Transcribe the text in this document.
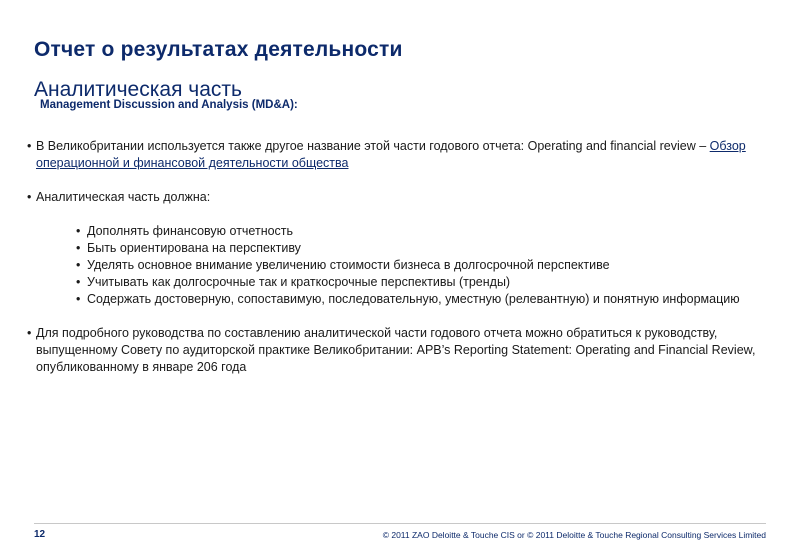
Отчет о результатах деятельности
Аналитическая часть
Management Discussion and Analysis (MD&A):
• В Великобритании используется также другое название этой части годового отчета: Operating and financial review – Обзор операционной и финансовой деятельности общества
• Аналитическая часть должна:
• Дополнять финансовую отчетность
• Быть ориентирована на перспективу
• Уделять основное внимание увеличению стоимости бизнеса в долгосрочной перспективе
• Учитывать как долгосрочные так и краткосрочные перспективы (тренды)
• Содержать достоверную, сопоставимую, последовательную, уместную (релевантную) и понятную информацию
• Для подробного руководства по составлению аналитической части годового отчета можно обратиться к руководству, выпущенному Совету по аудиторской практике Великобритании: APB’s Reporting Statement: Operating and Financial Review, опубликованному в январе 206 года
12	© 2011 ZAO Deloitte & Touche CIS or © 2011 Deloitte & Touche Regional Consulting Services Limited
